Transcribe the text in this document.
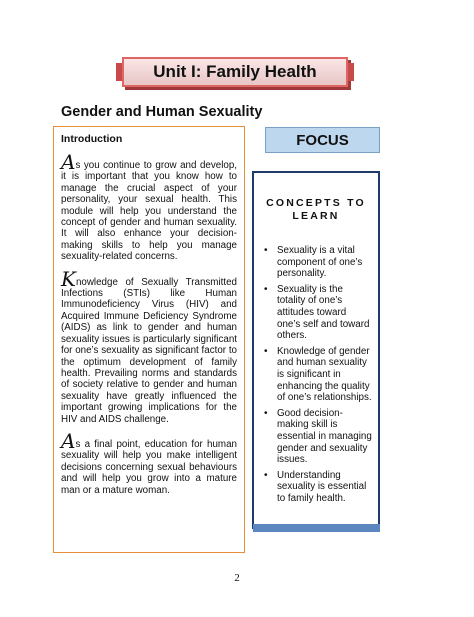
Unit I: Family Health
Gender and Human Sexuality
Introduction

As you continue to grow and develop, it is important that you know how to manage the crucial aspect of your personality, your sexual health. This module will help you understand the concept of gender and human sexuality. It will also enhance your decision-making skills to help you manage sexuality-related concerns.

Knowledge of Sexually Transmitted Infections (STIs) like Human Immunodeficiency Virus (HIV) and Acquired Immune Deficiency Syndrome (AIDS) as link to gender and human sexuality issues is particularly significant for one’s sexuality as significant factor to the optimum development of family health. Prevailing norms and standards of society relative to gender and human sexuality have greatly influenced the important growing implications for the HIV and AIDS challenge.

As a final point, education for human sexuality will help you make intelligent decisions concerning sexual behaviours and will help you grow into a mature man or a mature woman.

FOCUS
CONCEPTS TO
LEARN
• Sexuality is a vital component of one’s personality.
• Sexuality is the totality of one’s attitudes toward one’s self and toward others.
• Knowledge of gender and human sexuality is significant in enhancing the quality of one’s relationships.
• Good decision-making skill is essential in managing gender and sexuality issues.
• Understanding sexuality is essential to family health.
2
